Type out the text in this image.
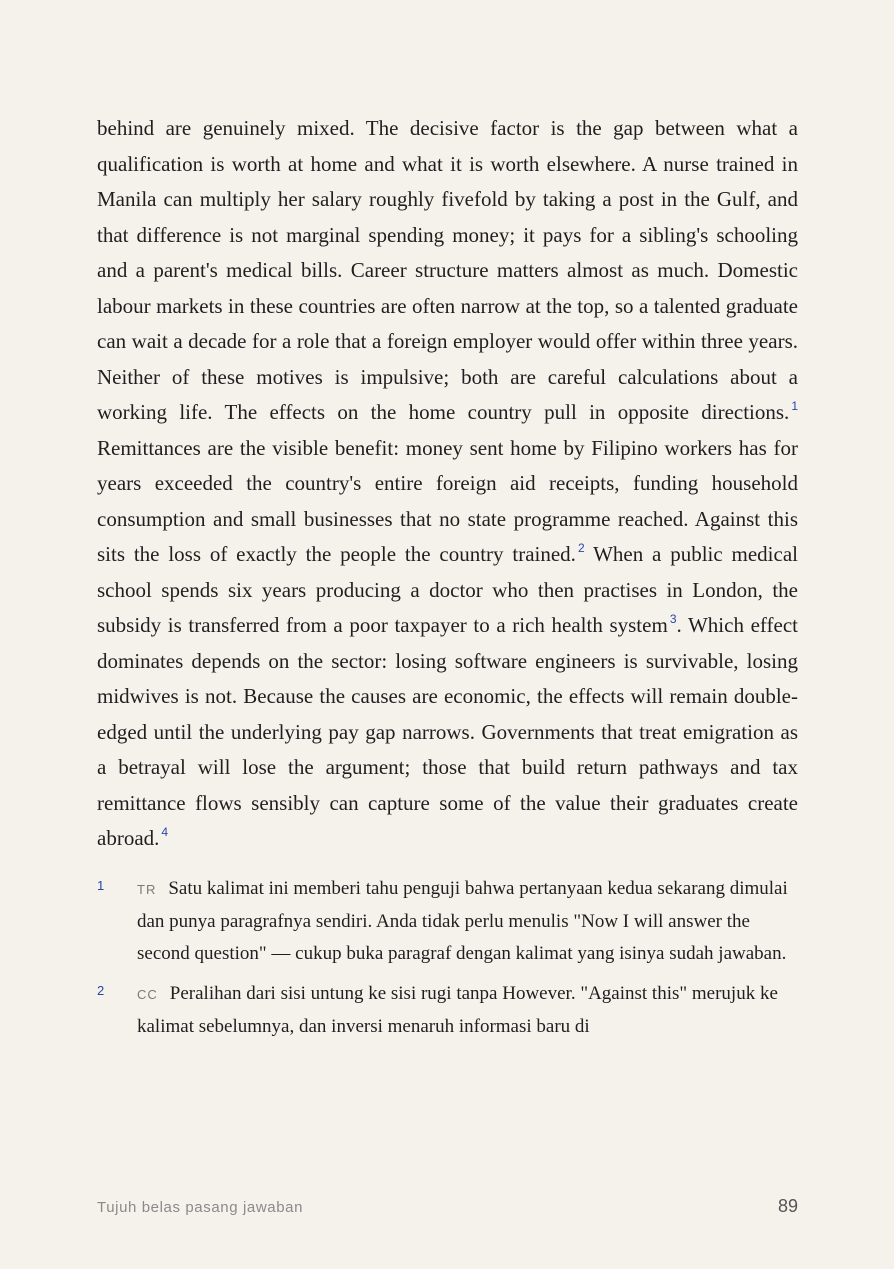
behind are genuinely mixed. The decisive factor is the gap between what a qualification is worth at home and what it is worth elsewhere. A nurse trained in Manila can multiply her salary roughly fivefold by taking a post in the Gulf, and that difference is not marginal spending money; it pays for a sibling's schooling and a parent's medical bills. Career structure matters almost as much. Domestic labour markets in these countries are often narrow at the top, so a talented graduate can wait a decade for a role that a foreign employer would offer within three years. Neither of these motives is impulsive; both are careful calculations about a working life. The effects on the home country pull in opposite directions. $^1$ Remittances are the visible benefit: money sent home by Filipino workers has for years exceeded the country's entire foreign aid receipts, funding household consumption and small businesses that no state programme reached. Against this sits the loss of exactly the people the country trained. $^2$ When a public medical school spends six years producing a doctor who then practises in London, the subsidy is transferred from a poor taxpayer to a rich health system $^3$. Which effect dominates depends on the sector: losing software engineers is survivable, losing midwives is not. Because the causes are economic, the effects will remain double-edged until the underlying pay gap narrows. Governments that treat emigration as a betrayal will lose the argument; those that build return pathways and tax remittance flows sensibly can capture some of the value their graduates create abroad. $^4$

1	TR Satu kalimat ini memberi tahu penguji bahwa pertanyaan kedua sekarang dimulai dan punya paragrafnya sendiri. Anda tidak perlu menulis "Now I will answer the second question" — cukup buka paragraf dengan kalimat yang isinya sudah jawaban.
2	CC Peralihan dari sisi untung ke sisi rugi tanpa However. "Against this" merujuk ke kalimat sebelumnya, dan inversi menaruh informasi baru di
Tujuh belas pasang jawaban	89
